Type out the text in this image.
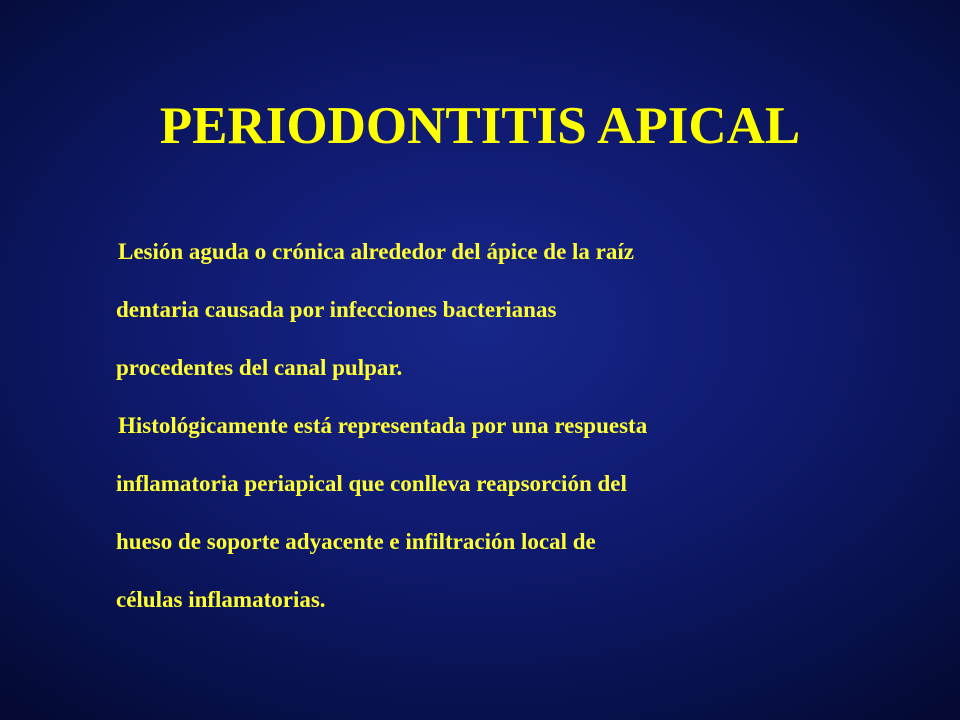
PERIODONTITIS APICAL
Lesión aguda o crónica alrededor del ápice de la raíz
dentaria causada por infecciones bacterianas
procedentes del canal pulpar.
Histológicamente está representada por una respuesta
inflamatoria periapical que conlleva reapsorción del
hueso de soporte adyacente e infiltración local de
células inflamatorias.
